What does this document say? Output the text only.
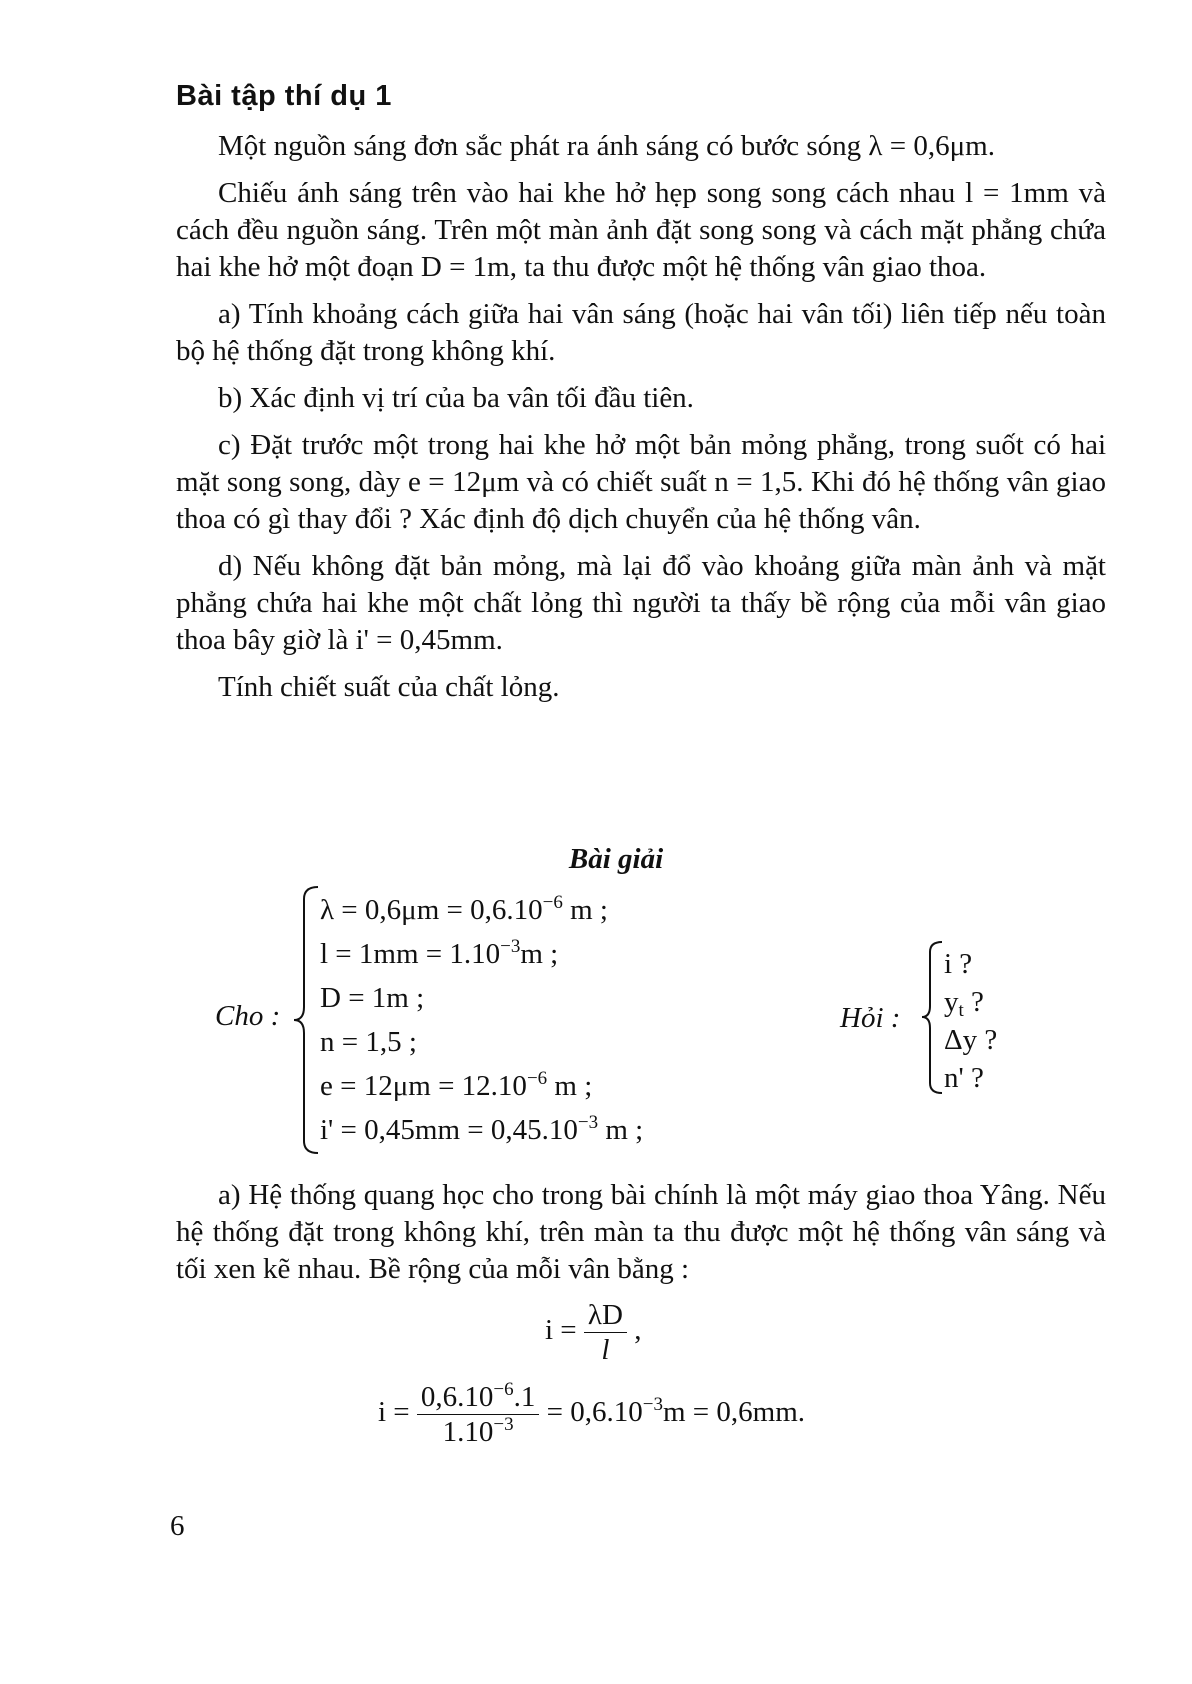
Bài tập thí dụ 1

Một nguồn sáng đơn sắc phát ra ánh sáng có bước sóng λ = 0,6μm.

Chiếu ánh sáng trên vào hai khe hở hẹp song song cách nhau l = 1mm và cách đều nguồn sáng. Trên một màn ảnh đặt song song và cách mặt phẳng chứa hai khe hở một đoạn D = 1m, ta thu được một hệ thống vân giao thoa.

a) Tính khoảng cách giữa hai vân sáng (hoặc hai vân tối) liên tiếp nếu toàn bộ hệ thống đặt trong không khí.

b) Xác định vị trí của ba vân tối đầu tiên.

c) Đặt trước một trong hai khe hở một bản mỏng phẳng, trong suốt có hai mặt song song, dày e = 12μm và có chiết suất n = 1,5. Khi đó hệ thống vân giao thoa có gì thay đổi ? Xác định độ dịch chuyển của hệ thống vân.

d) Nếu không đặt bản mỏng, mà lại đổ vào khoảng giữa màn ảnh và mặt phẳng chứa hai khe một chất lỏng thì người ta thấy bề rộng của mỗi vân giao thoa bây giờ là i' = 0,45mm.

Tính chiết suất của chất lỏng.

Bài giải
Cho :
$\lambda = 0,6\mu m = 0,6.10^{-6}$ m ;
$l = 1mm = 1.10^{-3}m$ ;
D = 1m ;
n = 1,5 ;
$e = 12\mu m = 12.10^{-6}$ m ;
$i' = 0,45mm = 0,45.10^{-3}$ m ;
Hỏi :
i ?
$y_t$ ?
Δy ?
n' ?

a) Hệ thống quang học cho trong bài chính là một máy giao thoa Yâng. Nếu hệ thống đặt trong không khí, trên màn ta thu được một hệ thống vân sáng và tối xen kẽ nhau. Bề rộng của mỗi vân bằng :

$i = \frac{\lambda D}{l}$ ,
$i = \frac{0,6.10^{-6}.1}{1.10^{-3}} = 0,6.10^{-3}m = 0,6mm$.
6
